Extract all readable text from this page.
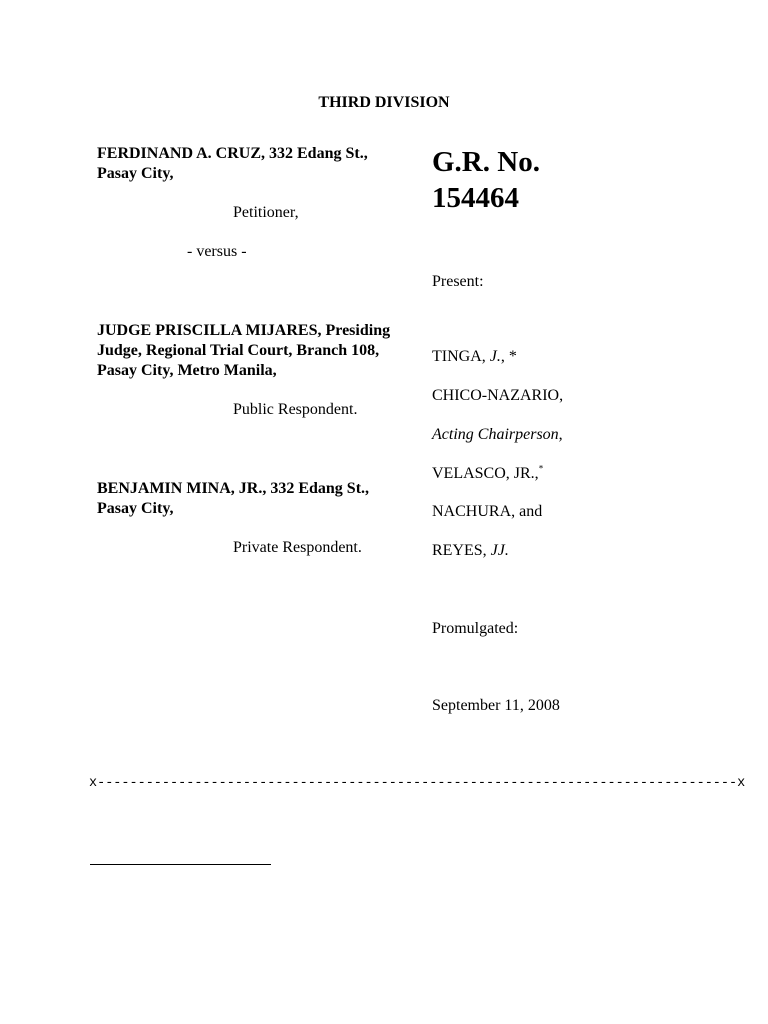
THIRD DIVISION
FERDINAND A. CRUZ, 332 Edang St., Pasay City,
Petitioner,
- versus -
JUDGE PRISCILLA MIJARES, Presiding Judge, Regional Trial Court, Branch 108, Pasay City, Metro Manila,
Public Respondent.
BENJAMIN MINA, JR., 332 Edang St., Pasay City,
Private Respondent.
G.R. No.
154464
Present:
TINGA, J., *
CHICO-NAZARIO,
Acting Chairperson,
VELASCO, JR.,*
NACHURA, and
REYES, JJ.
Promulgated:
September 11, 2008
x-------------------------------------------------------------------------------x
